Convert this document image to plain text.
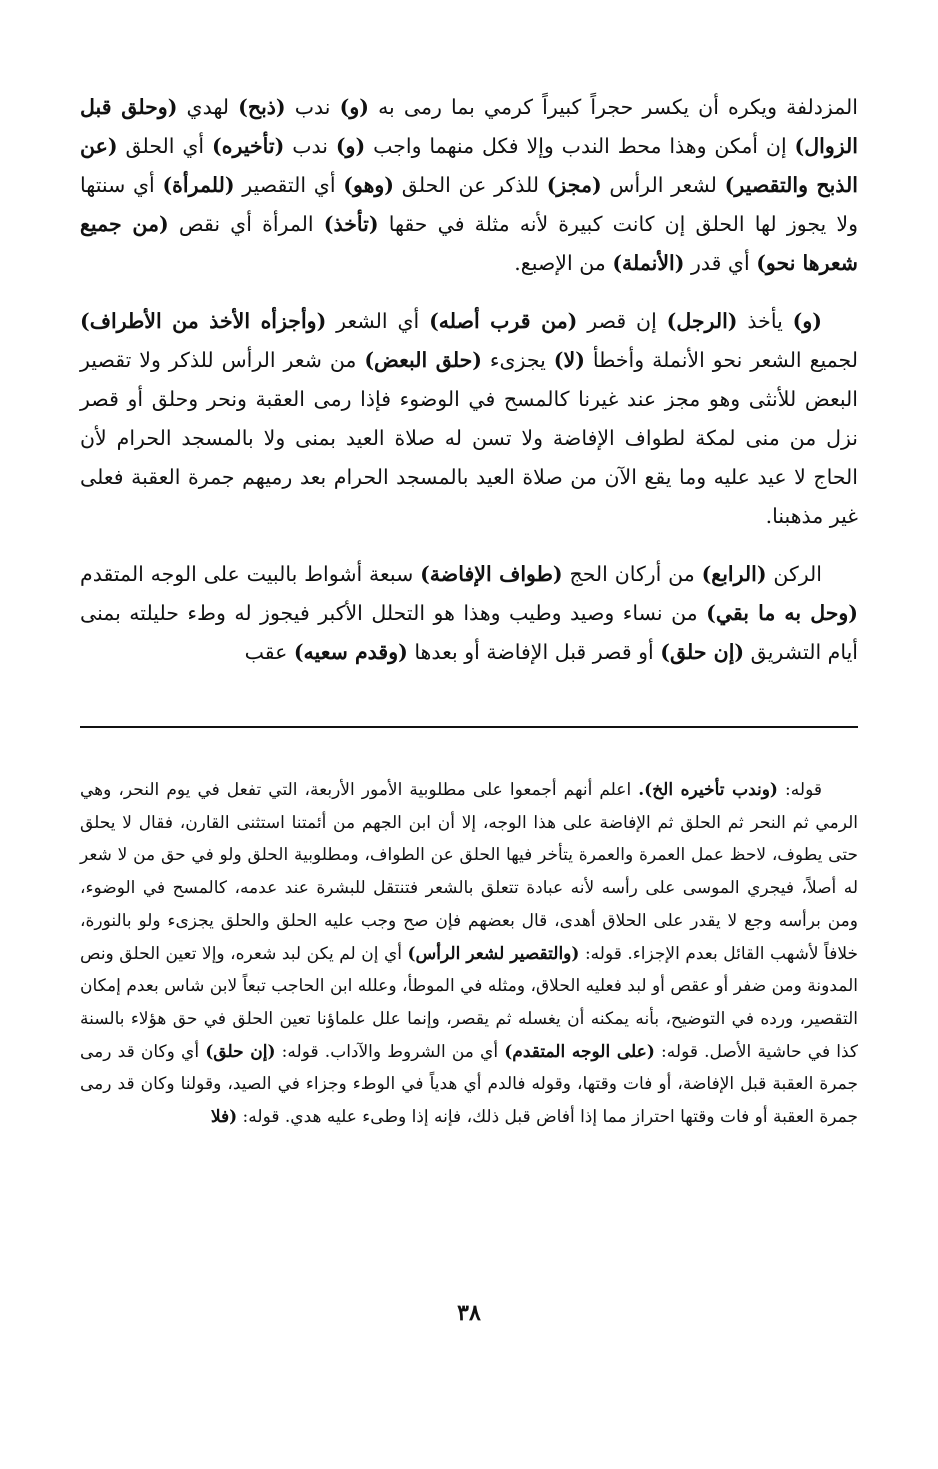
المزدلفة ويكره أن يكسر حجراً كبيراً كرمي بما رمى به (و) ندب (ذبح) لهدي (وحلق قبل الزوال) إن أمكن وهذا محط الندب وإلا فكل منهما واجب (و) ندب (تأخيره) أي الحلق (عن الذبح والتقصير) لشعر الرأس (مجز) للذكر عن الحلق (وهو) أي التقصير (للمرأة) أي سنتها ولا يجوز لها الحلق إن كانت كبيرة لأنه مثلة في حقها (تأخذ) المرأة أي نقص (من جميع شعرها نحو) أي قدر (الأنملة) من الإصبع.

(و) يأخذ (الرجل) إن قصر (من قرب أصله) أي الشعر (وأجزأه الأخذ من الأطراف) لجميع الشعر نحو الأنملة وأخطأ (لا) يجزىء (حلق البعض) من شعر الرأس للذكر ولا تقصير البعض للأنثى وهو مجز عند غيرنا كالمسح في الوضوء فإذا رمى العقبة ونحر وحلق أو قصر نزل من منى لمكة لطواف الإفاضة ولا تسن له صلاة العيد بمنى ولا بالمسجد الحرام لأن الحاج لا عيد عليه وما يقع الآن من صلاة العيد بالمسجد الحرام بعد رميهم جمرة العقبة فعلى غير مذهبنا.

الركن (الرابع) من أركان الحج (طواف الإفاضة) سبعة أشواط بالبيت على الوجه المتقدم (وحل به ما بقي) من نساء وصيد وطيب وهذا هو التحلل الأكبر فيجوز له وطء حليلته بمنى أيام التشريق (إن حلق) أو قصر قبل الإفاضة أو بعدها (وقدم سعيه) عقب

قوله: (وندب تأخيره الخ). اعلم أنهم أجمعوا على مطلوبية الأمور الأربعة، التي تفعل في يوم النحر، وهي الرمي ثم النحر ثم الحلق ثم الإفاضة على هذا الوجه، إلا أن ابن الجهم من أئمتنا استثنى القارن، فقال لا يحلق حتى يطوف، لاحظ عمل العمرة والعمرة يتأخر فيها الحلق عن الطواف، ومطلوبية الحلق ولو في حق من لا شعر له أصلاً، فيجري الموسى على رأسه لأنه عبادة تتعلق بالشعر فتنتقل للبشرة عند عدمه، كالمسح في الوضوء، ومن برأسه وجع لا يقدر على الحلاق أهدى، قال بعضهم فإن صح وجب عليه الحلق والحلق يجزىء ولو بالنورة، خلافاً لأشهب القائل بعدم الإجزاء. قوله: (والتقصير لشعر الرأس) أي إن لم يكن لبد شعره، وإلا تعين الحلق ونص المدونة ومن ضفر أو عقص أو لبد فعليه الحلاق، ومثله في الموطأ، وعلله ابن الحاجب تبعاً لابن شاس بعدم إمكان التقصير، ورده في التوضيح، بأنه يمكنه أن يغسله ثم يقصر، وإنما علل علماؤنا تعين الحلق في حق هؤلاء بالسنة كذا في حاشية الأصل. قوله: (على الوجه المتقدم) أي من الشروط والآداب. قوله: (إن حلق) أي وكان قد رمى جمرة العقبة قبل الإفاضة، أو فات وقتها، وقوله فالدم أي هدياً في الوطء وجزاء في الصيد، وقولنا وكان قد رمى جمرة العقبة أو فات وقتها احتراز مما إذا أفاض قبل ذلك، فإنه إذا وطىء عليه هدي. قوله: (فلا

٣٨
